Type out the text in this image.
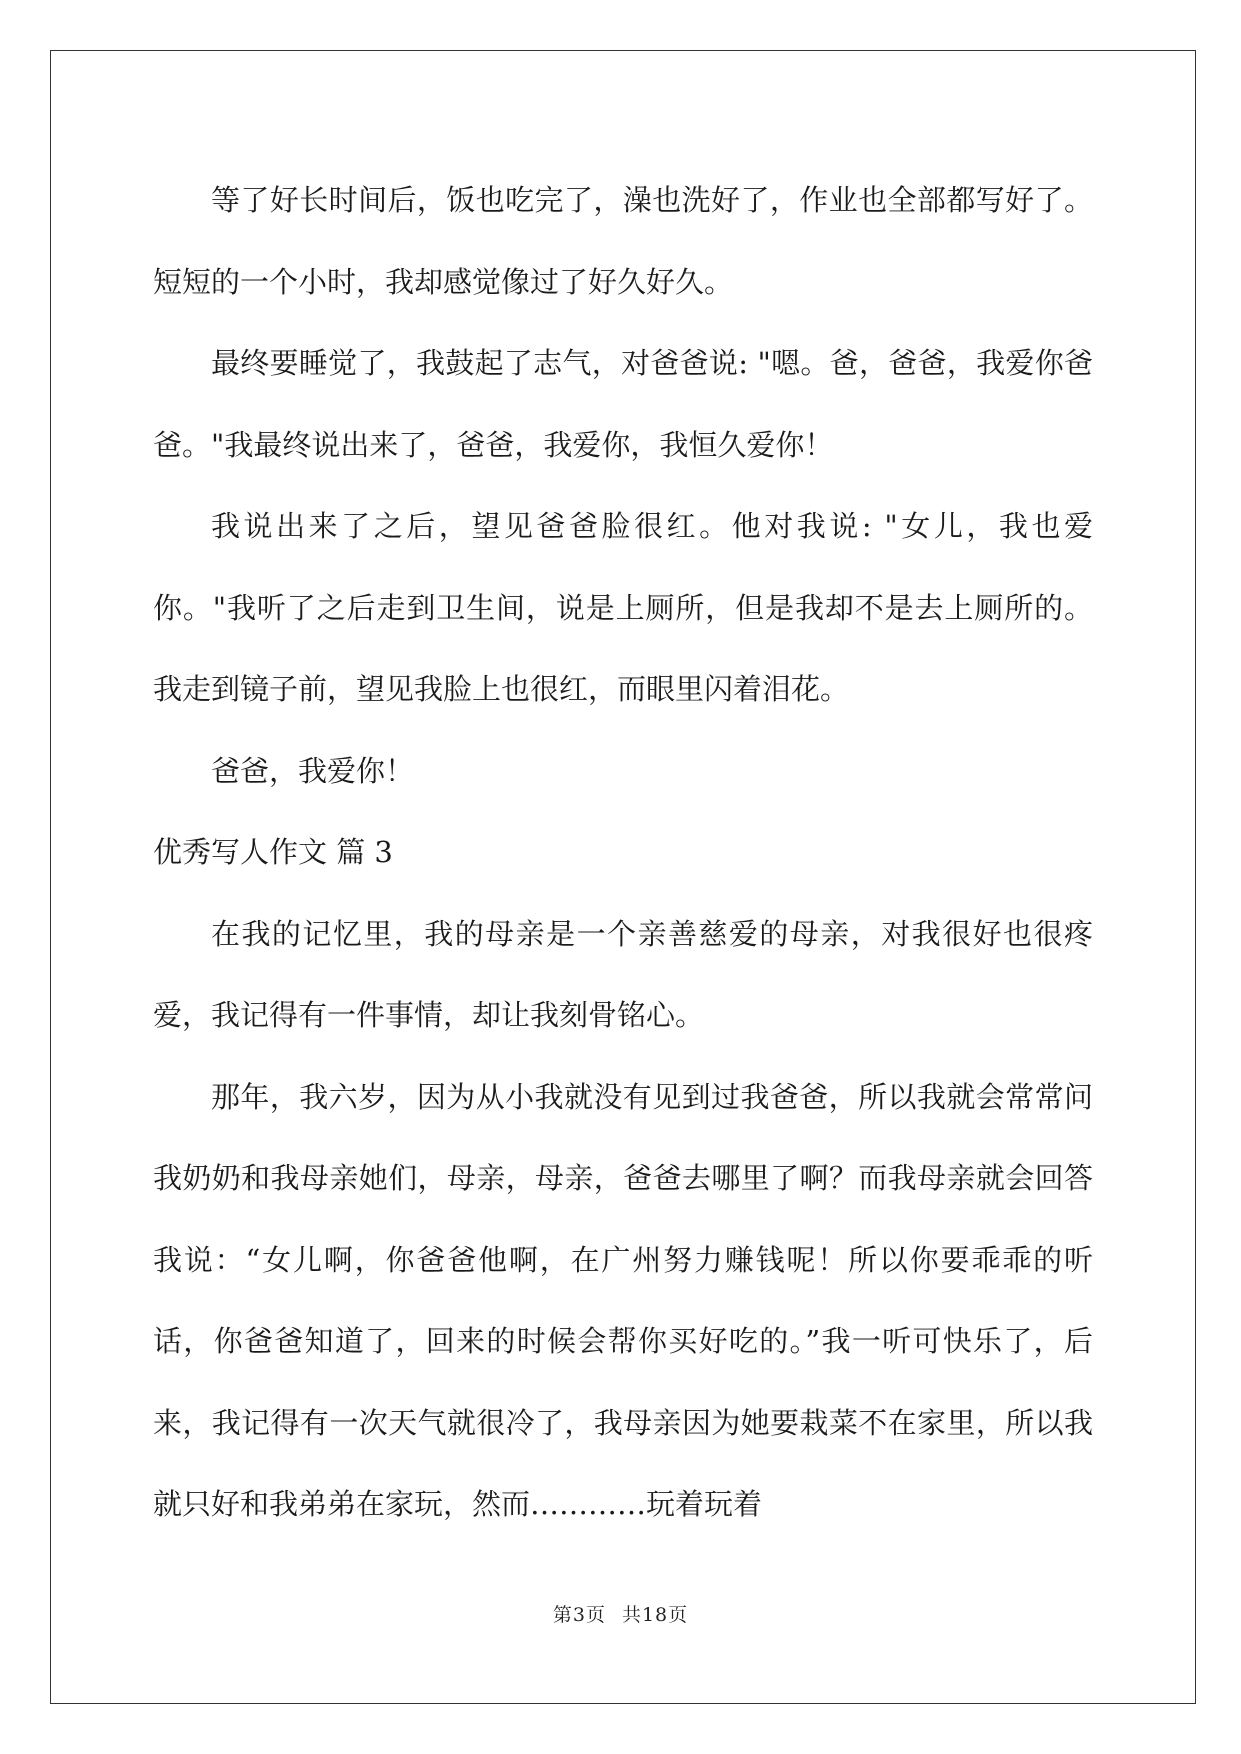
等了好长时间后，饭也吃完了，澡也洗好了，作业也全部都写好了。短短的一个小时，我却感觉像过了好久好久。

最终要睡觉了，我鼓起了志气，对爸爸说: "嗯。爸，爸爸，我爱你爸爸。"我最终说出来了，爸爸，我爱你，我恒久爱你！

我说出来了之后，望见爸爸脸很红。他对我说: "女儿，我也爱你。"我听了之后走到卫生间，说是上厕所，但是我却不是去上厕所的。我走到镜子前，望见我脸上也很红，而眼里闪着泪花。

爸爸，我爱你！

优秀写人作文 篇 3

在我的记忆里，我的母亲是一个亲善慈爱的母亲，对我很好也很疼爱，我记得有一件事情，却让我刻骨铭心。

那年，我六岁，因为从小我就没有见到过我爸爸，所以我就会常常问我奶奶和我母亲她们，母亲，母亲，爸爸去哪里了啊？而我母亲就会回答我说：“女儿啊，你爸爸他啊，在广州努力赚钱呢！所以你要乖乖的听话，你爸爸知道了，回来的时候会帮你买好吃的。”我一听可快乐了，后来，我记得有一次天气就很冷了，我母亲因为她要栽菜不在家里，所以我就只好和我弟弟在家玩，然而…………玩着玩着

第3页 共18页
